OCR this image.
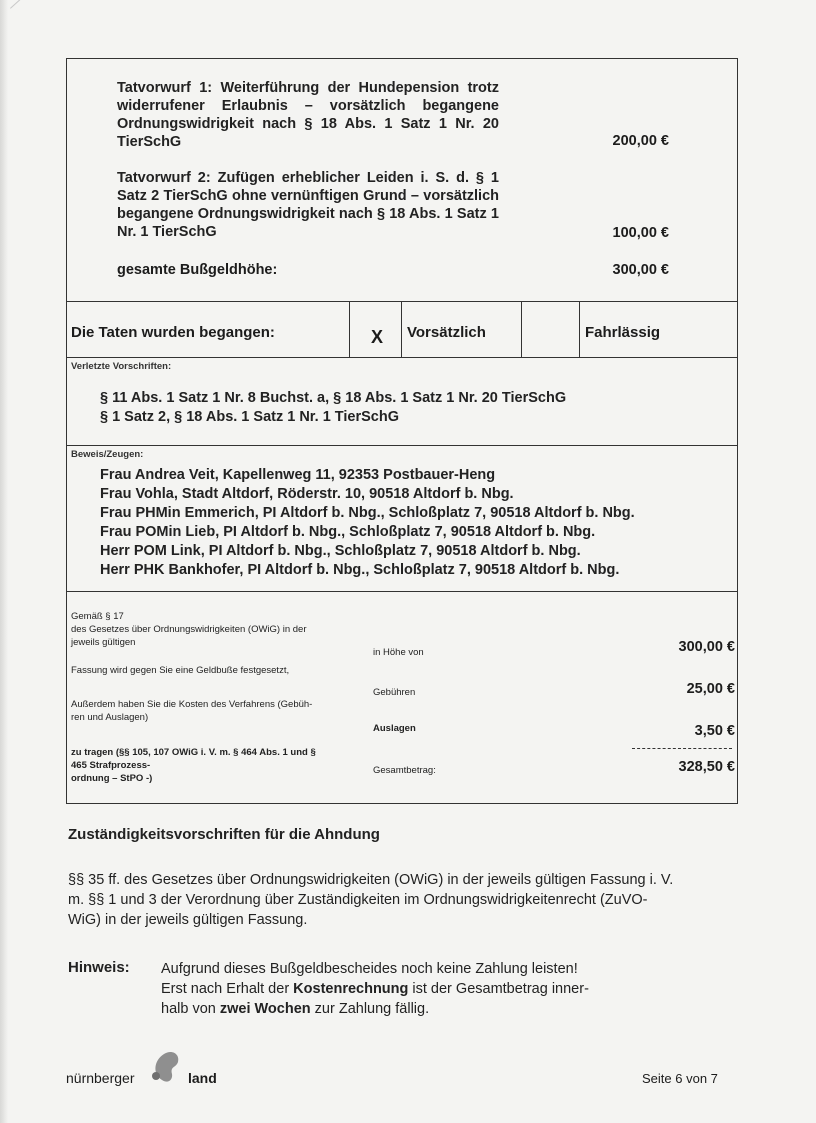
Tatvorwurf 1: Weiterführung der Hundepension trotz widerrufener Erlaubnis – vorsätzlich begangene Ordnungswidrigkeit nach § 18 Abs. 1 Satz 1 Nr. 20 TierSchG	200,00 €
Tatvorwurf 2: Zufügen erheblicher Leiden i. S. d. § 1 Satz 2 TierSchG ohne vernünftigen Grund – vorsätzlich begangene Ordnungswidrigkeit nach § 18 Abs. 1 Satz 1 Nr. 1 TierSchG	100,00 €
gesamte Bußgeldhöhe:	300,00 €
Die Taten wurden begangen:	X Vorsätzlich	Fahrlässig
Verletzte Vorschriften:
§ 11 Abs. 1 Satz 1 Nr. 8 Buchst. a, § 18 Abs. 1 Satz 1 Nr. 20 TierSchG
§ 1 Satz 2, § 18 Abs. 1 Satz 1 Nr. 1 TierSchG
Beweis/Zeugen:
Frau Andrea Veit, Kapellenweg 11, 92353 Postbauer-Heng
Frau Vohla, Stadt Altdorf, Röderstr. 10, 90518 Altdorf b. Nbg.
Frau PHMin Emmerich, PI Altdorf b. Nbg., Schloßplatz 7, 90518 Altdorf b. Nbg.
Frau POMin Lieb, PI Altdorf b. Nbg., Schloßplatz 7, 90518 Altdorf b. Nbg.
Herr POM Link, PI Altdorf b. Nbg., Schloßplatz 7, 90518 Altdorf b. Nbg.
Herr PHK Bankhofer, PI Altdorf b. Nbg., Schloßplatz 7, 90518 Altdorf b. Nbg.
Gemäß § 17
des Gesetzes über Ordnungswidrigkeiten (OWiG) in der
jeweils gültigen
Fassung wird gegen Sie eine Geldbuße festgesetzt,
Außerdem haben Sie die Kosten des Verfahrens (Gebüh-
ren und Auslagen)
zu tragen (§§ 105, 107 OWiG i. V. m. § 464 Abs. 1 und §
465 Strafprozess-
ordnung – StPO -)
in Höhe von	300,00 €
Gebühren	25,00 €
Auslagen	3,50 €
Gesamtbetrag:	328,50 €
Zuständigkeitsvorschriften für die Ahndung
§§ 35 ff. des Gesetzes über Ordnungswidrigkeiten (OWiG) in der jeweils gültigen Fassung i. V.
m. §§ 1 und 3 der Verordnung über Zuständigkeiten im Ordnungswidrigkeitenrecht (ZuVO-
WiG) in der jeweils gültigen Fassung.
Hinweis: Aufgrund dieses Bußgeldbescheides noch keine Zahlung leisten!
Erst nach Erhalt der Kostenrechnung ist der Gesamtbetrag inner-
halb von zwei Wochen zur Zahlung fällig.
nürnberger	land	Seite 6 von 7
